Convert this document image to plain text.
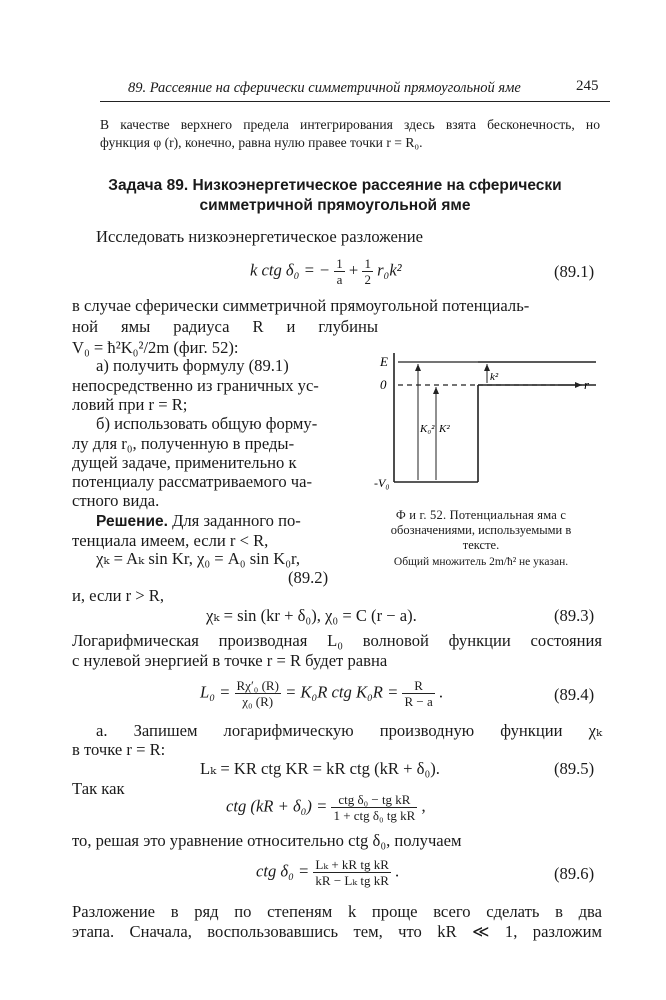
89. Рассеяние на сферически симметричной прямоугольной яме	245
В качестве верхнего предела интегрирования здесь взята бесконечность, но
функция φ (r), конечно, равна нулю правее точки r = R₀.
Задача 89. Низкоэнергетическое рассеяние на сферически
симметричной прямоугольной яме
Исследовать низкоэнергетическое разложение
k ctg δ₀ = − $\frac{1}{a} + \frac{1}{2} r_0k^2$	(89.1)
в случае сферически симметричной прямоугольной потенциаль-
ной ямы радиуса R и глубины
V₀ = ħ²K₀²/2m (фиг. 52):
а) получить формулу (89.1)
непосредственно из граничных ус-
ловий при r = R;
б) использовать общую форму-
лу для r₀, полученную в преды-
дущей задаче, применительно к
потенциалу рассматриваемого ча-
стного вида.
E
0
-V₀
r
k²
K₀² K²
Ф и г. 52. Потенциальная яма с
обозначениями, используемыми в
тексте.
Общий множитель 2m/ħ² не указан.
Решение. Для заданного по-
тенциала имеем, если r < R,
χₖ = Aₖ sin Kr, χ₀ = A₀ sin K₀r,
(89.2)
и, если r > R,
χₖ = sin (kr + δ₀), χ₀ = C (r − a).	(89.3)
Логарифмическая производная L₀ волновой функции состояния
с нулевой энергией в точке r = R будет равна
$L_0 = \frac{\text{Rχ′₀ (R)}}{\text{χ₀ (R)}} = K_0R$ ctg $K_0R = \frac{R}{R - a}$ .	(89.4)
а. Запишем логарифмическую производную функции χₖ
в точке r = R:
Lₖ = KR ctg KR = kR ctg (kR + δ₀).	(89.5)
Так как
ctg $(kR + \delta_0) = \frac{\text{ctg δ₀ − tg kR}}{\text{1 + ctg δ₀ tg kR}}$ ,
то, решая это уравнение относительно ctg δ₀, получаем
ctg $\delta_0 = \frac{\text{Lₖ + kR tg kR}}{\text{kR − Lₖ tg kR}}$ .	(89.6)
Разложение в ряд по степеням k проще всего сделать в два
этапа. Сначала, воспользовавшись тем, что kR ≪ 1, разложим
